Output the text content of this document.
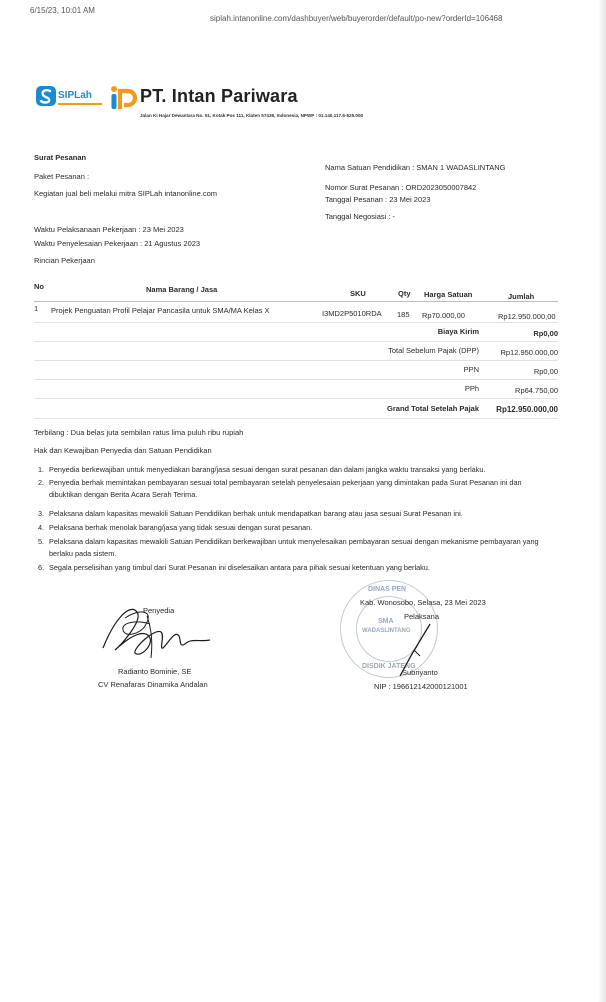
6/15/23, 10:01 AM
siplah.intanonline.com/dashbuyer/web/buyerorder/default/po-new?orderId=106468
SIPLah	PT. Intan Pariwara
Jalan Ki Hajar Dewantara No. 51, Kotak Pos 111, Klaten 57438, Indonesia, NPWP : 01.140.117.6-525.000
Surat Pesanan
Paket Pesanan :
Kegiatan jual beli melalui mitra SIPLah intanonline.com
Nama Satuan Pendidikan : SMAN 1 WADASLINTANG
Nomor Surat Pesanan : ORD2023050007842
Tanggal Pesanan : 23 Mei 2023
Tanggal Negosiasi : -
Waktu Pelaksanaan Pekerjaan : 23 Mei 2023
Waktu Penyelesaian Pekerjaan : 21 Agustus 2023
Rincian Pekerjaan
No	Nama Barang / Jasa	SKU	Qty Harga Satuan	Jumlah
1 Projek Penguatan Profil Pelajar Pancasila untuk SMA/MA Kelas X	I3MD2P5010RDA 185 Rp70.000,00	Rp12.950.000,00
Biaya Kirim	Rp0,00
Total Sebelum Pajak (DPP)	Rp12.950.000,00
PPN	Rp0,00
PPh	Rp64.750,00
Grand Total Setelah Pajak	Rp12.950.000,00
Terbilang : Dua belas juta sembilan ratus lima puluh ribu rupiah
Hak dan Kewajiban Penyedia dan Satuan Pendidikan
1. Penyedia berkewajiban untuk menyediakan barang/jasa sesuai dengan surat pesanan dan dalam jangka waktu transaksi yang berlaku.
2. Penyedia berhak memintakan pembayaran sesuai total pembayaran setelah penyelesaian pekerjaan yang dimintakan pada Surat Pesanan ini dan dibuktikan dengan Berita Acara Serah Terima.
3. Pelaksana dalam kapasitas mewakili Satuan Pendidikan berhak untuk mendapatkan barang atau jasa sesuai Surat Pesanan ini.
4. Pelaksana berhak menolak barang/jasa yang tidak sesuai dengan surat pesanan.
5. Pelaksana dalam kapasitas mewakili Satuan Pendidikan berkewajiban untuk menyelesaikan pembayaran sesuai dengan mekanisme pembayaran yang berlaku pada sistem.
6. Segala perselisihan yang timbul dari Surat Pesanan ini diselesaikan antara para pihak sesuai ketentuan yang berlaku.
Penyedia
Radianto Bominie, SE
CV Renafaras Dinamika Andalan
DINAS PEN
SMA
WADASLINTANG
DISDIK JATENG
Kab. Wonosobo, Selasa, 23 Mei 2023
Pelaksana
Subriyanto
NIP : 196612142000121001
